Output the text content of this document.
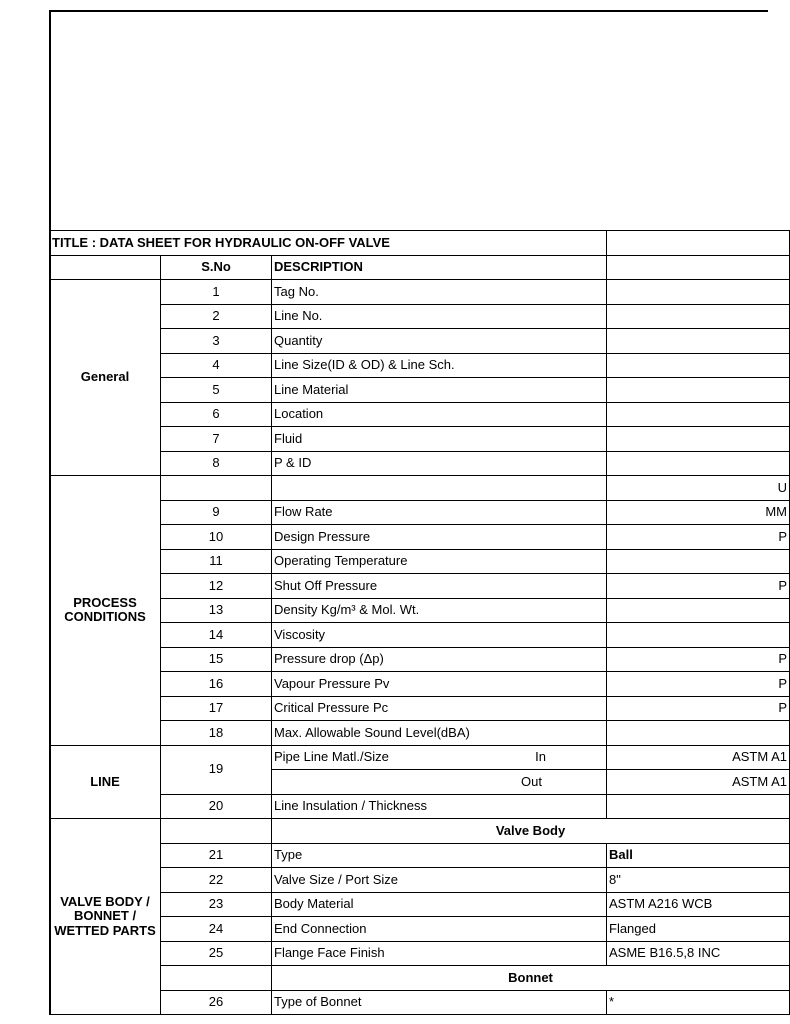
TITLE : DATA SHEET FOR HYDRAULIC ON-OFF VALVE			
	S.No	DESCRIPTION	
General	1	Tag No.	
	2	Line No.	
	3	Quantity	
	4	Line Size(ID & OD) & Line Sch.	
	5	Line Material	
	6	Location	
	7	Fluid	
	8	P & ID	
PROCESS CONDITIONS			U
	9	Flow Rate	MM
	10	Design Pressure	P
	11	Operating Temperature	
	12	Shut Off Pressure	P
	13	Density Kg/m³ & Mol. Wt.	
	14	Viscosity	
	15	Pressure drop (Δp)	P
	16	Vapour Pressure Pv	P
	17	Critical Pressure Pc	P
	18	Max. Allowable Sound Level(dBA)	
LINE	19	Pipe Line Matl./Size In	ASTM A1

		Out	ASTM A1
	20	Line Insulation / Thickness	
VALVE BODY / BONNET / WETTED PARTS		Valve Body	
	21	Type	Ball
	22	Valve Size / Port Size	8"
	23	Body Material	ASTM A216 WCB
	24	End Connection	Flanged
	25	Flange Face Finish	ASME B16.5,8 INC
		Bonnet	
	26	Type of Bonnet	*
